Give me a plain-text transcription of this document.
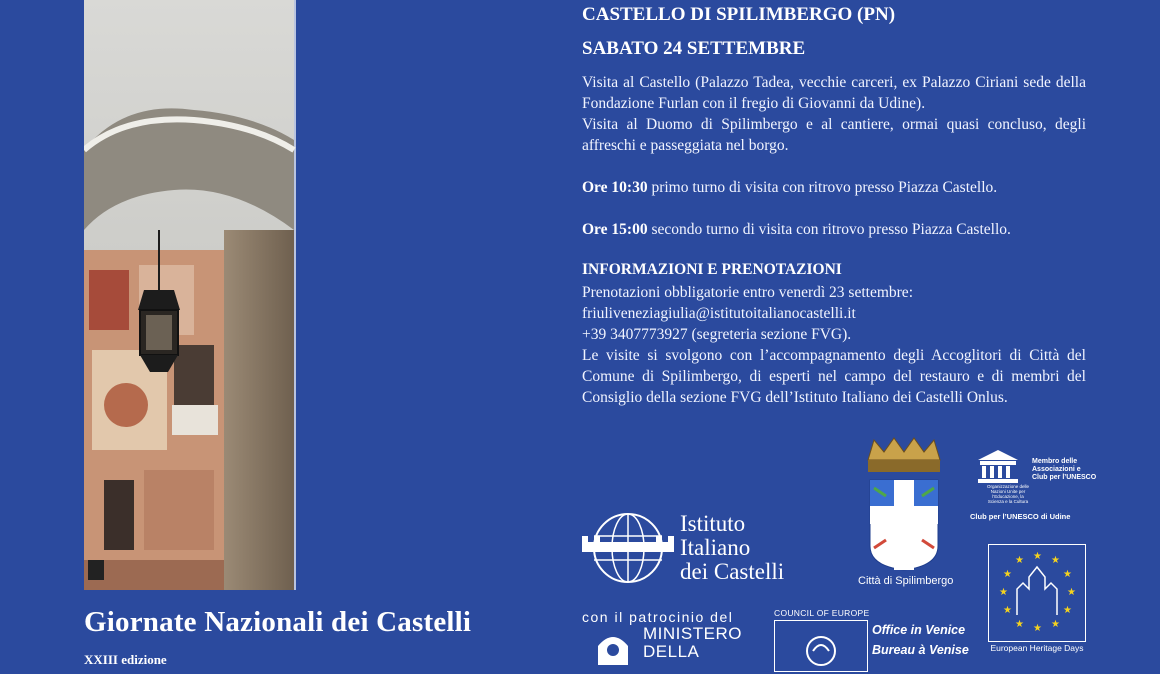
Giornate Nazionali dei Castelli
XXIII edizione
CASTELLO DI SPILIMBERGO (PN)
SABATO 24 SETTEMBRE
Visita al Castello (Palazzo Tadea, vecchie carceri, ex Palazzo Ciriani sede della Fondazione Furlan con il fregio di Giovanni da Udine).
Visita al Duomo di Spilimbergo e al cantiere, ormai quasi concluso, degli affreschi e passeggiata nel borgo.
Ore 10:30 primo turno di visita con ritrovo presso Piazza Castello.
Ore 15:00 secondo turno di visita con ritrovo presso Piazza Castello.
INFORMAZIONI E PRENOTAZIONI
Prenotazioni obbligatorie entro venerdì 23 settembre:
friuliveneziagiulia@istitutoitalianocastelli.it
+39 3407773927 (segreteria sezione FVG).
Le visite si svolgono con l’accompagnamento degli Accoglitori di Città del Comune di Spilimbergo, di esperti nel campo del restauro e di membri del Consiglio della sezione FVG dell’Istituto Italiano dei Castelli Onlus.
Istituto
Italiano
dei Castelli	Città di Spilimbergo
Membro delle
Associazioni e
Club per l’UNESCO
Organizzazione delle Nazioni Unite per l’Educazione, la Scienza e la Cultura
Club per l’UNESCO di Udine
★ ★
★
★
★
★
★
★
★
★
★
★
European Heritage Days
con il patrocinio del
MINISTERO
DELLA
COUNCIL OF EUROPE
Office in Venice
Bureau à Venise
